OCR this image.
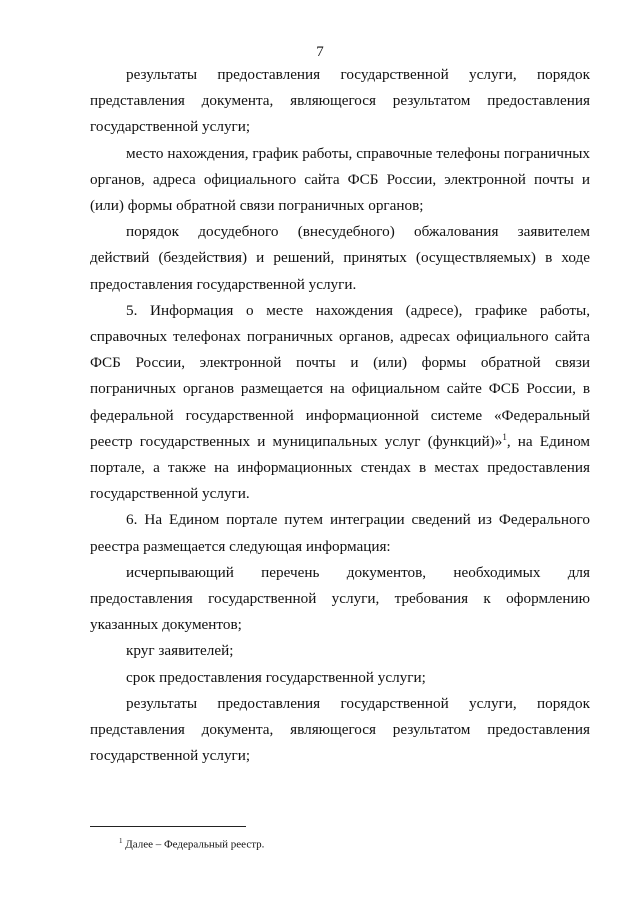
7

результаты предоставления государственной услуги, порядок представления документа, являющегося результатом предоставления государственной услуги;

место нахождения, график работы, справочные телефоны пограничных органов, адреса официального сайта ФСБ России, электронной почты и (или) формы обратной связи пограничных органов;

порядок досудебного (внесудебного) обжалования заявителем действий (бездействия) и решений, принятых (осуществляемых) в ходе предоставления государственной услуги.

5. Информация о месте нахождения (адресе), графике работы, справочных телефонах пограничных органов, адресах официального сайта ФСБ России, электронной почты и (или) формы обратной связи пограничных органов размещается на официальном сайте ФСБ России, в федеральной государственной информационной системе «Федеральный реестр государственных и муниципальных услуг (функций)»$^1$, на Едином портале, а также на информационных стендах в местах предоставления государственной услуги.

6. На Едином портале путем интеграции сведений из Федерального реестра размещается следующая информация:

исчерпывающий перечень документов, необходимых для предоставления государственной услуги, требования к оформлению указанных документов;

круг заявителей;

срок предоставления государственной услуги;

результаты предоставления государственной услуги, порядок представления документа, являющегося результатом предоставления государственной услуги;

$^1$ Далее – Федеральный реестр.
